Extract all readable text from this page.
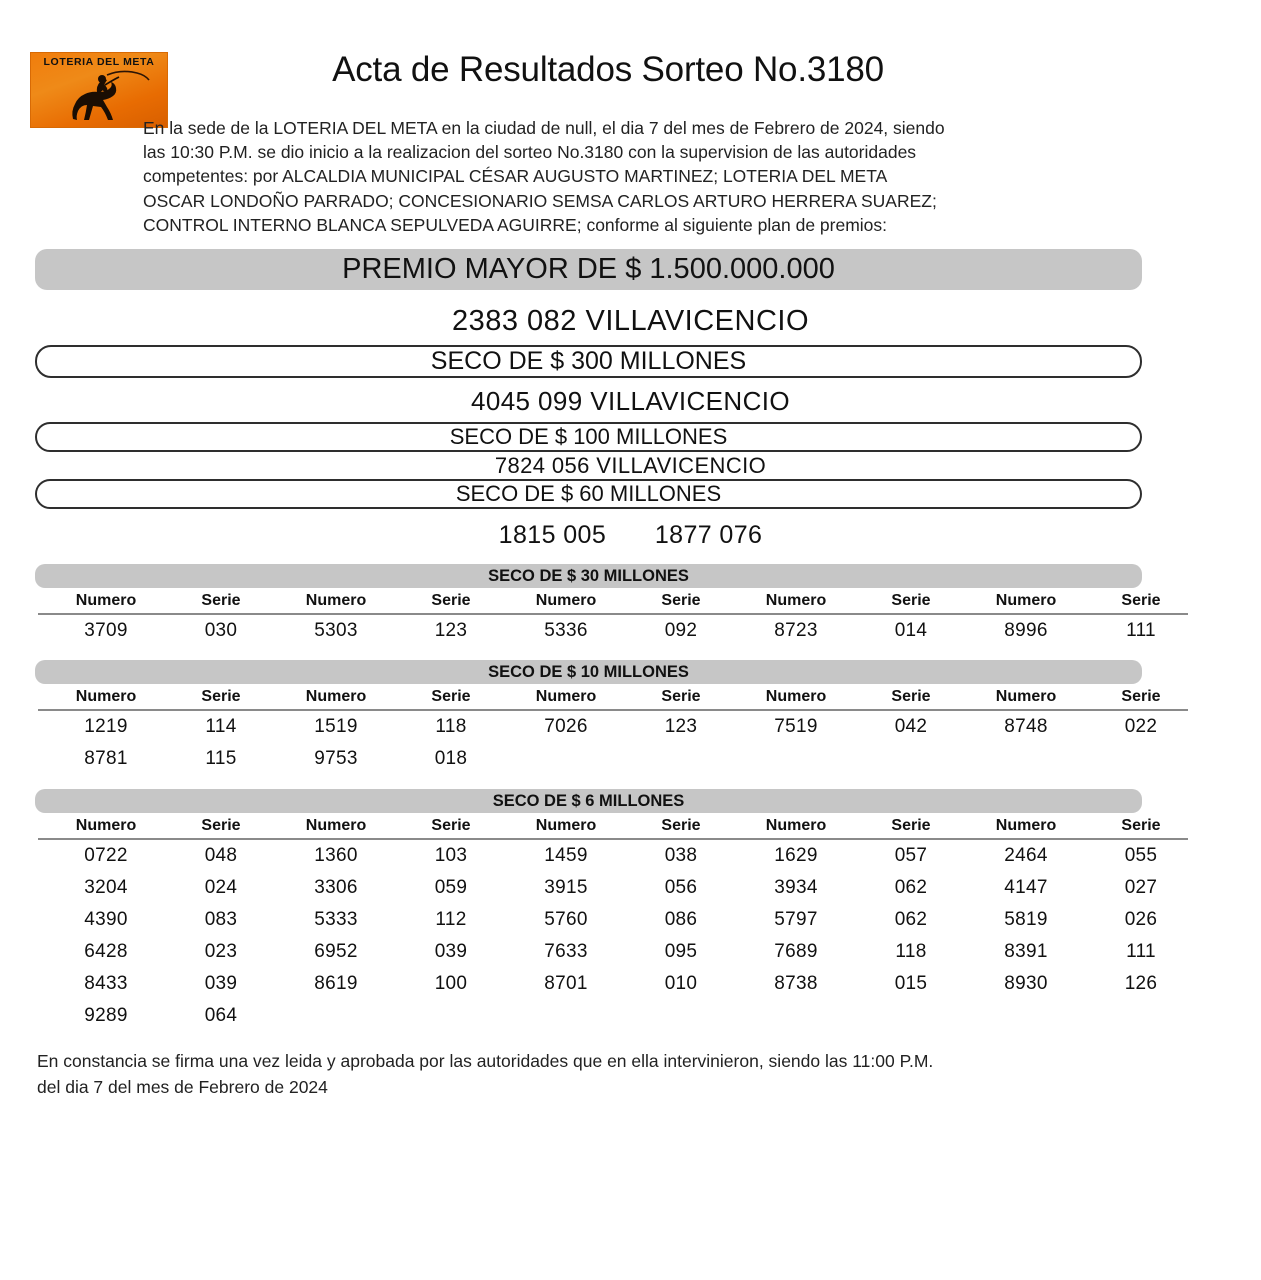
LOTERIA DEL META	Acta de Resultados Sorteo No.3180
En la sede de la LOTERIA DEL META en la ciudad de null, el dia 7 del mes de Febrero de 2024, siendo
las 10:30 P.M. se dio inicio a la realizacion del sorteo No.3180 con la supervision de las autoridades
competentes: por ALCALDIA MUNICIPAL CÉSAR AUGUSTO MARTINEZ; LOTERIA DEL META
OSCAR LONDOÑO PARRADO; CONCESIONARIO SEMSA CARLOS ARTURO HERRERA SUAREZ;
CONTROL INTERNO BLANCA SEPULVEDA AGUIRRE; conforme al siguiente plan de premios:
PREMIO MAYOR DE $ 1.500.000.000
2383 082 VILLAVICENCIO
SECO DE $ 300 MILLONES
4045 099 VILLAVICENCIO
SECO DE $ 100 MILLONES
7824 056 VILLAVICENCIO
SECO DE $ 60 MILLONES
1815 005 1877 076
SECO DE $ 30 MILLONES
Numero	Serie	Numero	Serie	Numero	Serie	Numero	Serie	Numero	Serie
3709	030	5303	123	5336	092	8723	014	8996	111
SECO DE $ 10 MILLONES
Numero	Serie	Numero	Serie	Numero	Serie	Numero	Serie	Numero	Serie
1219	114	1519	118	7026	123	7519	042	8748	022
8781	115	9753	018						
SECO DE $ 6 MILLONES
Numero	Serie	Numero	Serie	Numero	Serie	Numero	Serie	Numero	Serie
0722	048	1360	103	1459	038	1629	057	2464	055
3204	024	3306	059	3915	056	3934	062	4147	027
4390	083	5333	112	5760	086	5797	062	5819	026
6428	023	6952	039	7633	095	7689	118	8391	111
8433	039	8619	100	8701	010	8738	015	8930	126
9289	064								
En constancia se firma una vez leida y aprobada por las autoridades que en ella intervinieron, siendo las 11:00 P.M.
del dia 7 del mes de Febrero de 2024
